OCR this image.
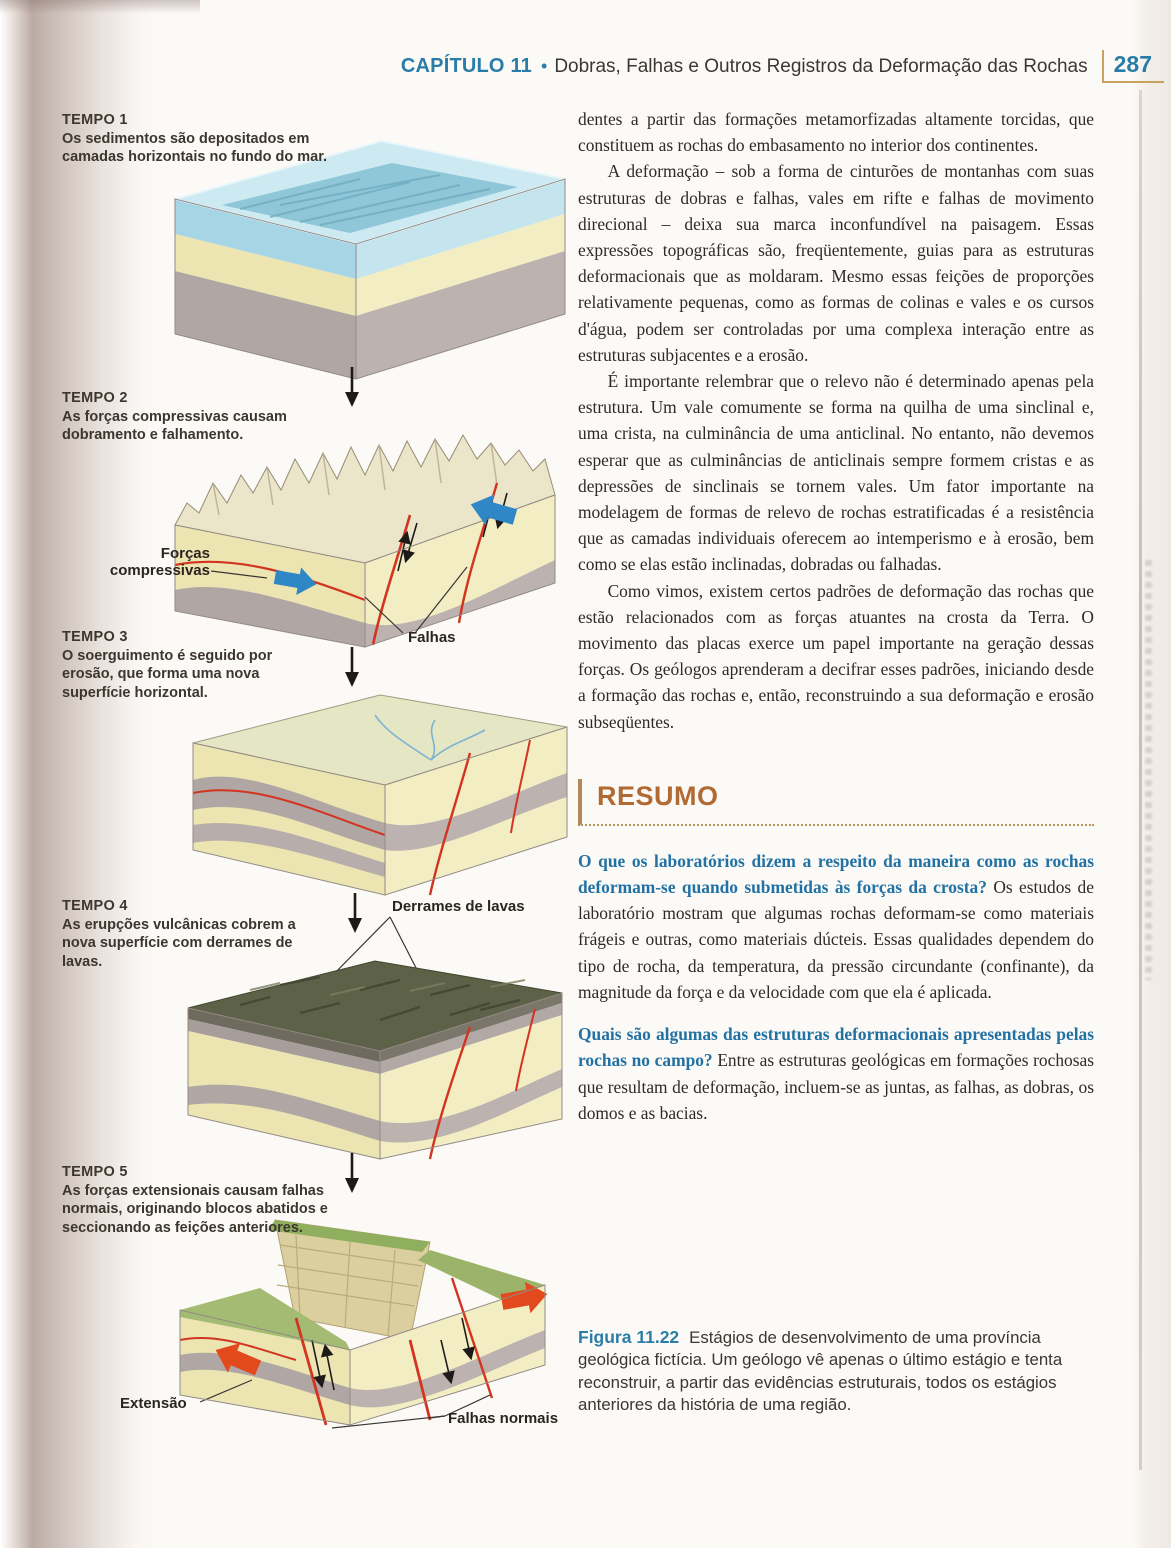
CAPÍTULO 11 • Dobras, Falhas e Outros Registros da Deformação das Rochas	287
TEMPO 1
Os sedimentos são depositados em camadas horizontais no fundo do mar.
TEMPO 2
As forças compressivas causam dobramento e falhamento.
Forças compressivas
Falhas
TEMPO 3
O soerguimento é seguido por erosão, que forma uma nova superfície horizontal.
TEMPO 4
As erupções vulcânicas cobrem a nova superfície com derrames de lavas.
Derrames de lavas
TEMPO 5
As forças extensionais causam falhas normais, originando blocos abatidos e seccionando as feições anteriores.
Extensão
Falhas normais

dentes a partir das formações metamorfizadas altamente torcidas, que constituem as rochas do embasamento no interior dos continentes.

A deformação – sob a forma de cinturões de montanhas com suas estruturas de dobras e falhas, vales em rifte e falhas de movimento direcional – deixa sua marca inconfundível na paisagem. Essas expressões topográficas são, freqüentemente, guias para as estruturas deformacionais que as moldaram. Mesmo essas feições de proporções relativamente pequenas, como as formas de colinas e vales e os cursos d'água, podem ser controladas por uma complexa interação entre as estruturas subjacentes e a erosão.

É importante relembrar que o relevo não é determinado apenas pela estrutura. Um vale comumente se forma na quilha de uma sinclinal e, uma crista, na culminância de uma anticlinal. No entanto, não devemos esperar que as culminâncias de anticlinais sempre formem cristas e as depressões de sinclinais se tornem vales. Um fator importante na modelagem de formas de relevo de rochas estratificadas é a resistência que as camadas individuais oferecem ao intemperismo e à erosão, bem como se elas estão inclinadas, dobradas ou falhadas.

Como vimos, existem certos padrões de deformação das rochas que estão relacionados com as forças atuantes na crosta da Terra. O movimento das placas exerce um papel importante na geração dessas forças. Os geólogos aprenderam a decifrar esses padrões, iniciando desde a formação das rochas e, então, reconstruindo a sua deformação e erosão subseqüentes.

RESUMO

O que os laboratórios dizem a respeito da maneira como as rochas deformam-se quando submetidas às forças da crosta? Os estudos de laboratório mostram que algumas rochas deformam-se como materiais frágeis e outras, como materiais dúcteis. Essas qualidades dependem do tipo de rocha, da temperatura, da pressão circundante (confinante), da magnitude da força e da velocidade com que ela é aplicada.

Quais são algumas das estruturas deformacionais apresentadas pelas rochas no campo? Entre as estruturas geológicas em formações rochosas que resultam de deformação, incluem-se as juntas, as falhas, as dobras, os domos e as bacias.

Figura 11.22 Estágios de desenvolvimento de uma província geológica fictícia. Um geólogo vê apenas o último estágio e tenta reconstruir, a partir das evidências estruturais, todos os estágios anteriores da história de uma região.
